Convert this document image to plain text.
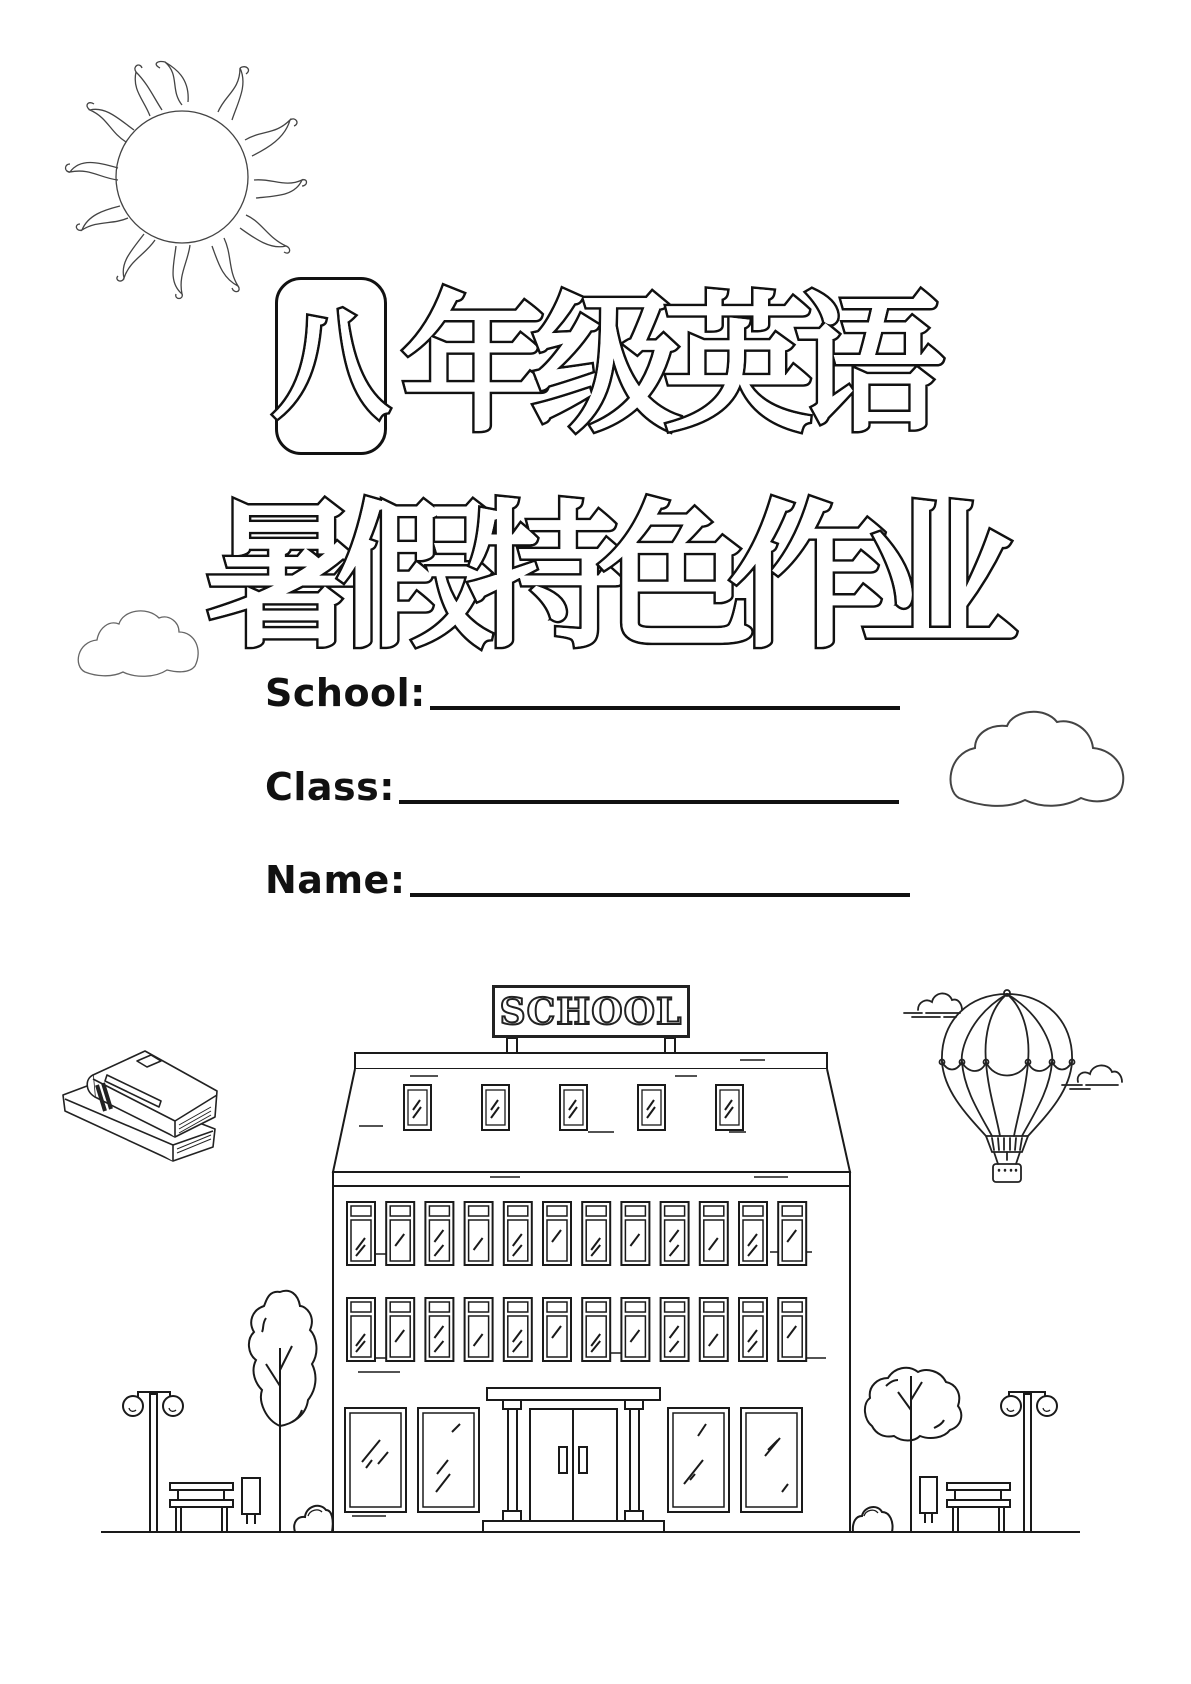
八 年
级
英
语
暑
假
特
色
作
业
School:
Class:
Name:
SCHOOL
